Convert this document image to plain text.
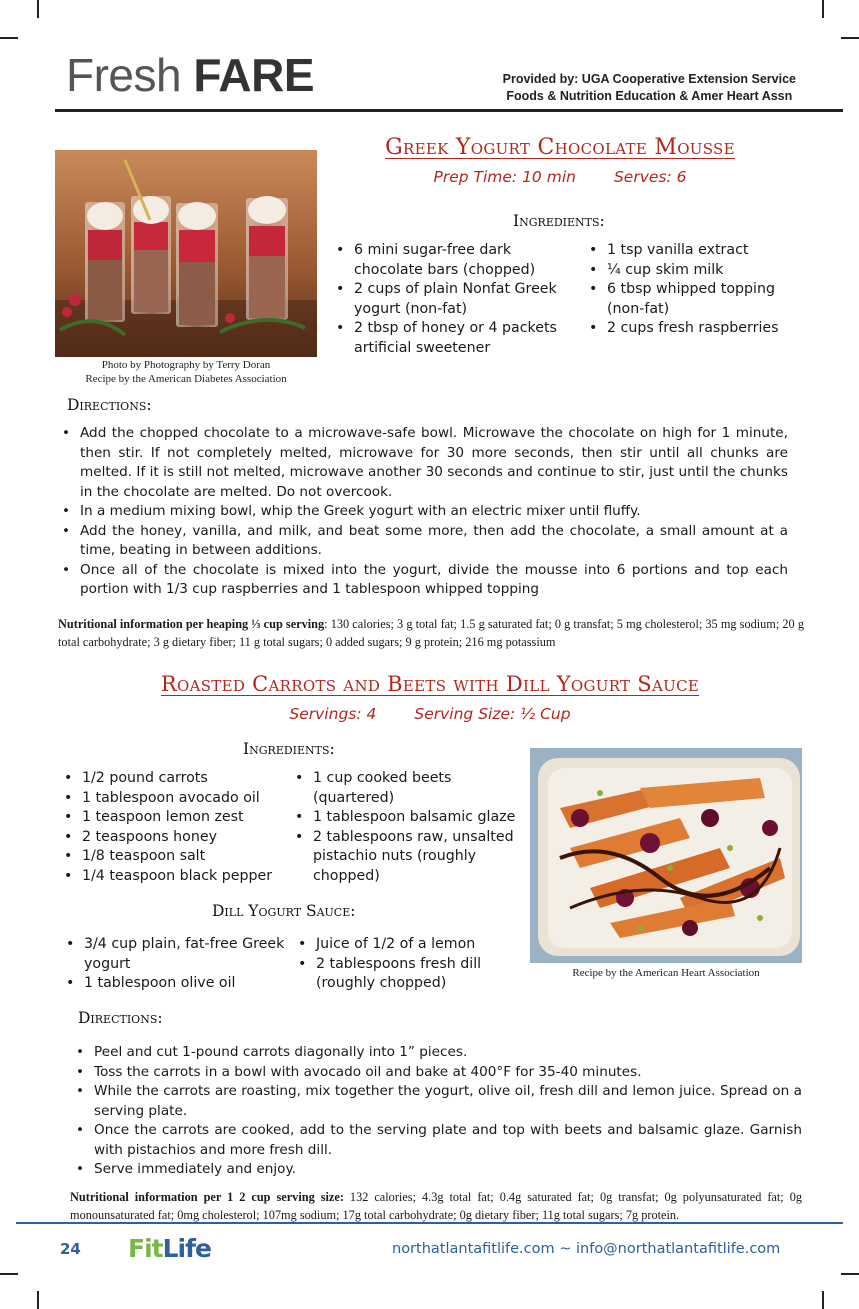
Fresh FARE	Provided by: UGA Cooperative Extension Service
Foods & Nutrition Education & Amer Heart Assn
Photo by Photography by Terry Doran
Recipe by the American Diabetes Association
Greek Yogurt Chocolate Mousse
Prep Time: 10 min Serves: 6
Ingredients:
• 6 mini sugar-free dark chocolate bars (chopped)
• 2 cups of plain Nonfat Greek yogurt (non-fat)
• 2 tbsp of honey or 4 packets artificial sweetener
• 1 tsp vanilla extract
• ¼ cup skim milk
• 6 tbsp whipped topping (non-fat)
• 2 cups fresh raspberries
Directions:
• Add the chopped chocolate to a microwave-safe bowl. Microwave the chocolate on high for 1 minute, then stir. If not completely melted, microwave for 30 more seconds, then stir until all chunks are melted. If it is still not melted, microwave another 30 seconds and continue to stir, just until the chunks in the chocolate are melted. Do not overcook.
• In a medium mixing bowl, whip the Greek yogurt with an electric mixer until fluffy.
• Add the honey, vanilla, and milk, and beat some more, then add the chocolate, a small amount at a time, beating in between additions.
• Once all of the chocolate is mixed into the yogurt, divide the mousse into 6 portions and top each portion with 1/3 cup raspberries and 1 tablespoon whipped topping
Nutritional information per heaping ⅓ cup serving: 130 calories; 3 g total fat; 1.5 g saturated fat; 0 g transfat; 5 mg cholesterol; 35 mg sodium; 20 g total carbohydrate; 3 g dietary fiber; 11 g total sugars; 0 added sugars; 9 g protein; 216 mg potassium
Roasted Carrots and Beets with Dill Yogurt Sauce
Servings: 4 Serving Size: ½ Cup
Ingredients:
• 1/2 pound carrots
• 1 tablespoon avocado oil
• 1 teaspoon lemon zest
• 2 teaspoons honey
• 1/8 teaspoon salt
• 1/4 teaspoon black pepper
• 1 cup cooked beets (quartered)
• 1 tablespoon balsamic glaze
• 2 tablespoons raw, unsalted pistachio nuts (roughly chopped)
Dill Yogurt Sauce:
• 3/4 cup plain, fat-free Greek yogurt
• 1 tablespoon olive oil
• Juice of 1/2 of a lemon
• 2 tablespoons fresh dill (roughly chopped)
Recipe by the American Heart Association
Directions:
• Peel and cut 1-pound carrots diagonally into 1” pieces.
• Toss the carrots in a bowl with avocado oil and bake at 400°F for 35-40 minutes.
• While the carrots are roasting, mix together the yogurt, olive oil, fresh dill and lemon juice. Spread on a serving plate.
• Once the carrots are cooked, add to the serving plate and top with beets and balsamic glaze. Garnish with pistachios and more fresh dill.
• Serve immediately and enjoy.
Nutritional information per 1 2 cup serving size: 132 calories; 4.3g total fat; 0.4g saturated fat; 0g transfat; 0g polyunsaturated fat; 0g monounsaturated fat; 0mg cholesterol; 107mg sodium; 17g total carbohydrate; 0g dietary fiber; 11g total sugars; 7g protein.
24 FitLife	northatlantafitlife.com ~ info@northatlantafitlife.com
